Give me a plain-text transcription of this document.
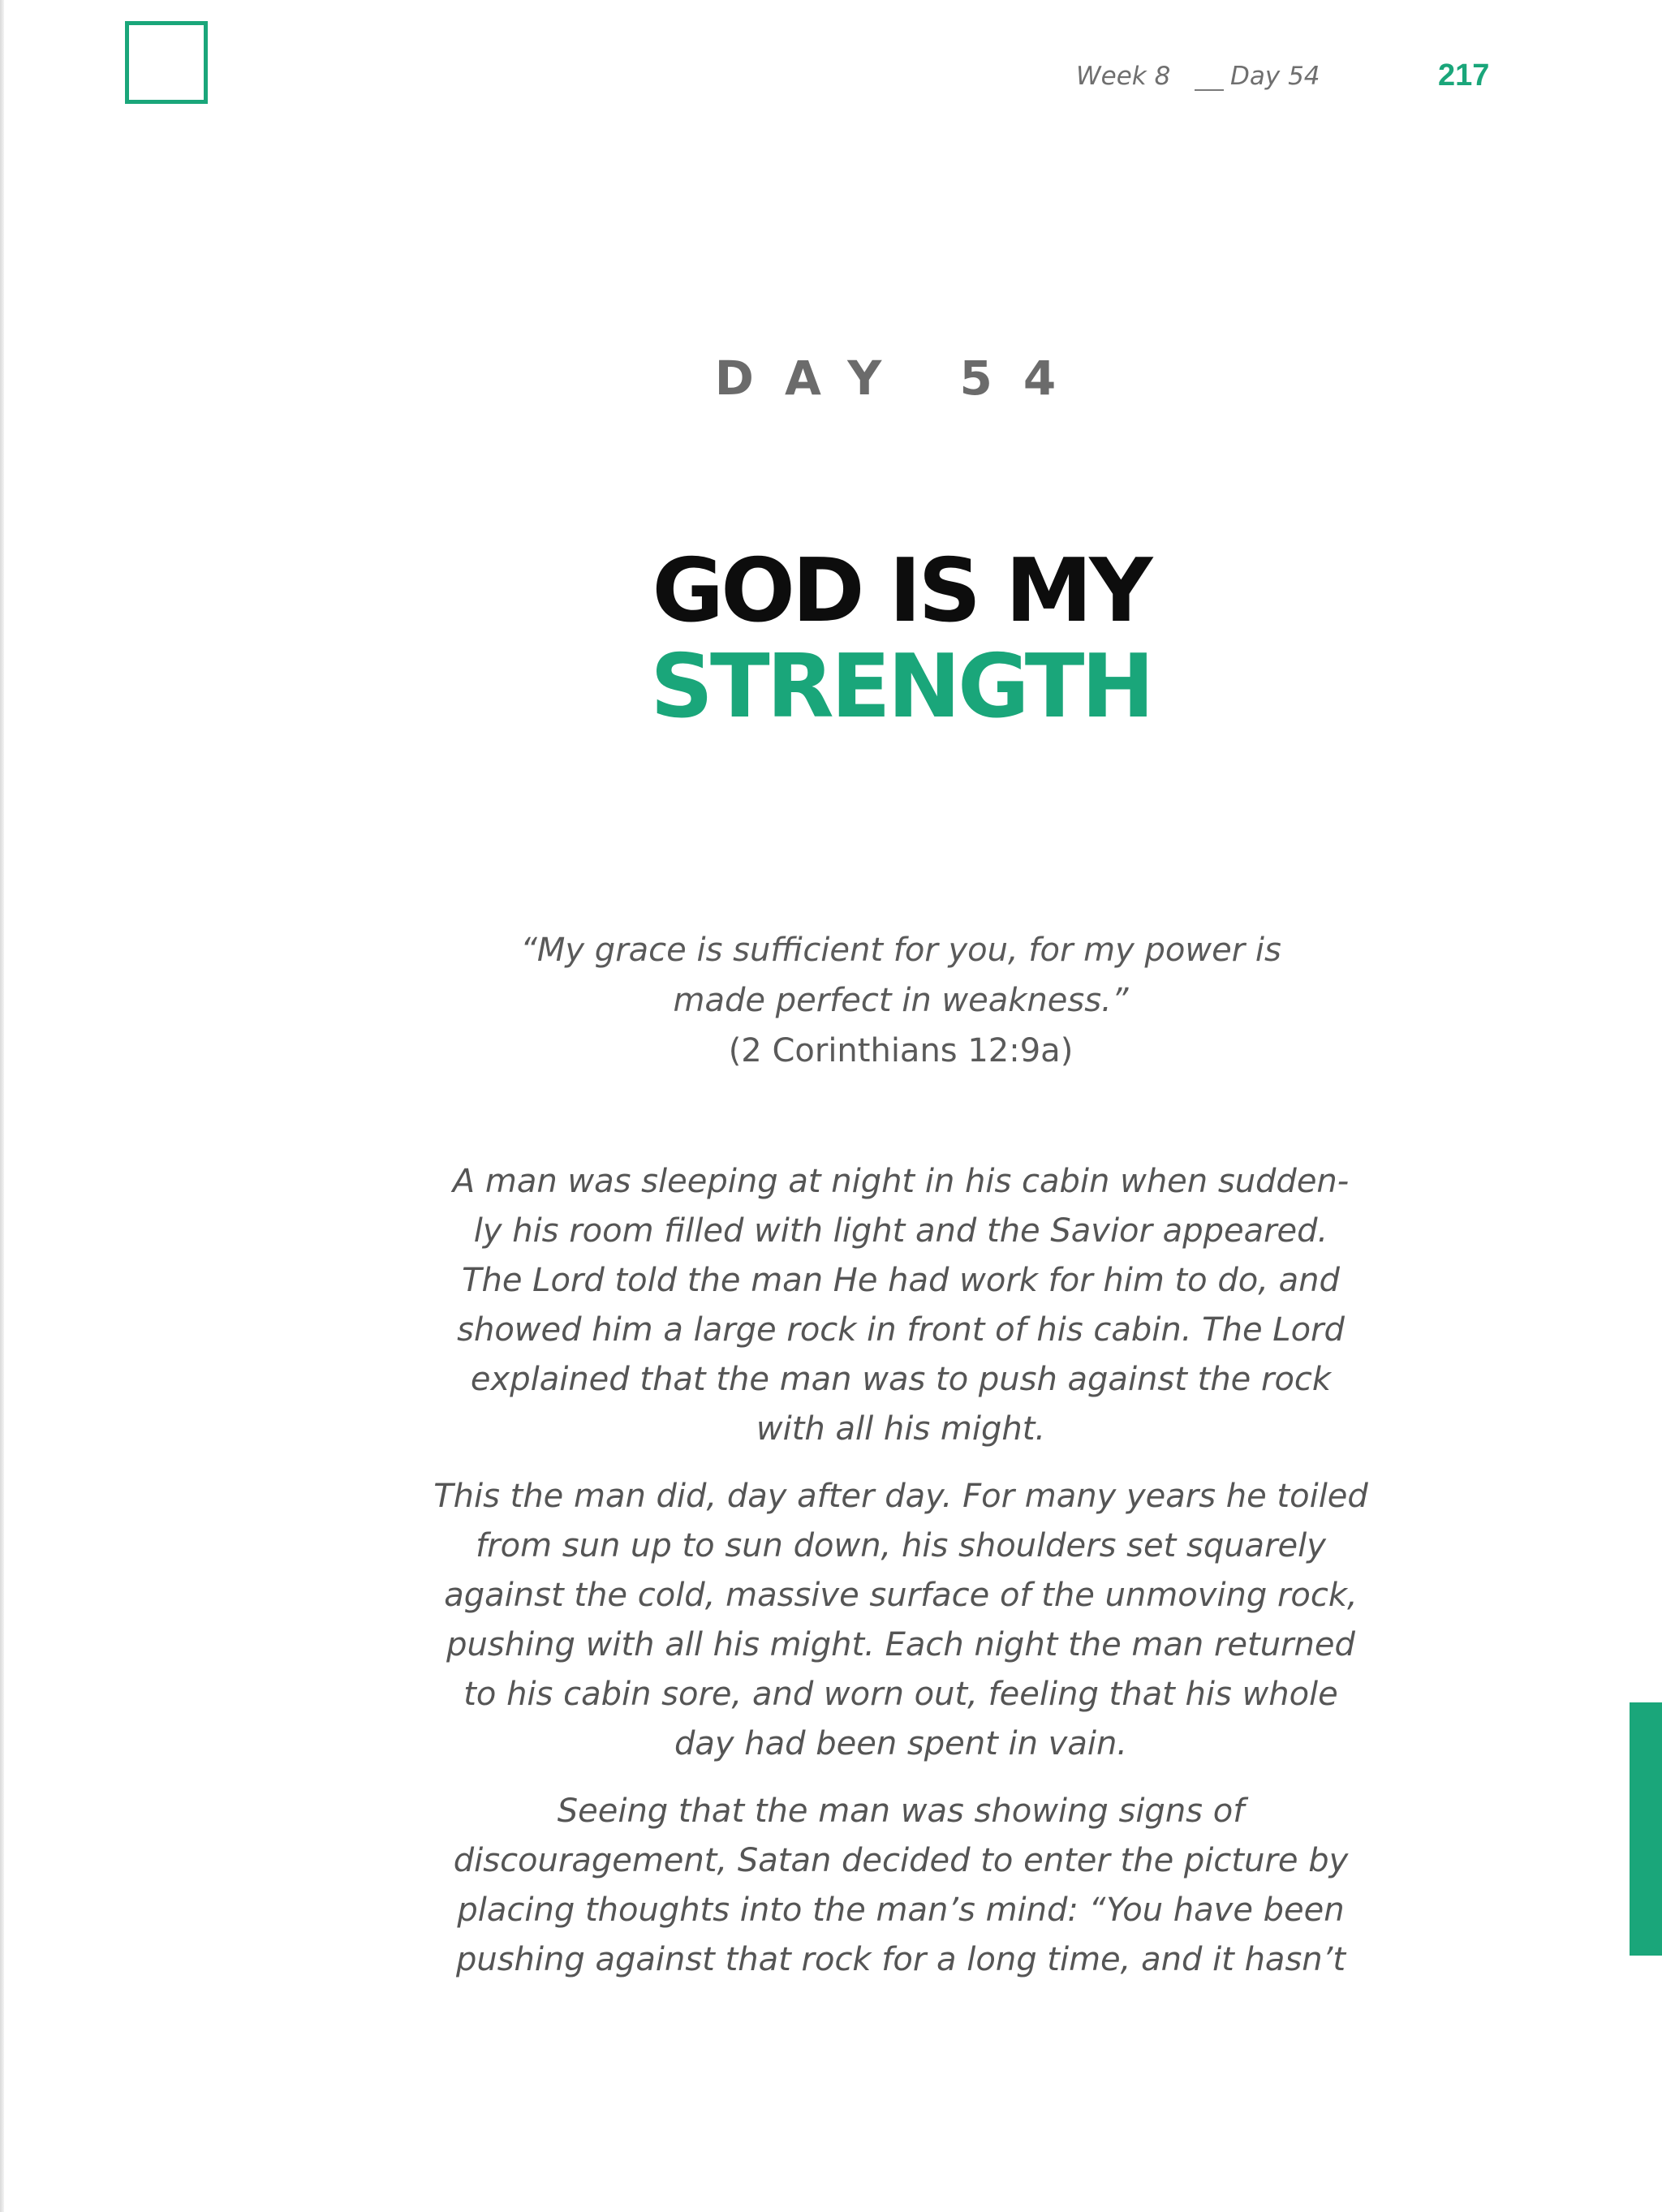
Week 8 Day 54	217
DAY 54
GOD IS MY
STRENGTH
“My grace is sufficient for you, for my power is
made perfect in weakness.”
(2 Corinthians 12:9a)

A man was sleeping at night in his cabin when sudden-
ly his room filled with light and the Savior appeared.
The Lord told the man He had work for him to do, and
showed him a large rock in front of his cabin. The Lord
explained that the man was to push against the rock
with all his might.

This the man did, day after day. For many years he toiled
from sun up to sun down, his shoulders set squarely
against the cold, massive surface of the unmoving rock,
pushing with all his might. Each night the man returned
to his cabin sore, and worn out, feeling that his whole
day had been spent in vain.

Seeing that the man was showing signs of
discouragement, Satan decided to enter the picture by
placing thoughts into the man’s mind: “You have been
pushing against that rock for a long time, and it hasn’t
